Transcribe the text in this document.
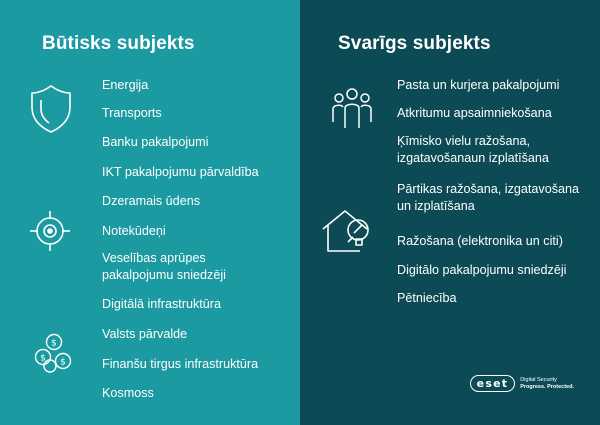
Būtisks subjekts
$
$ $

Energija

Transports

Banku pakalpojumi

IKT pakalpojumu pārvaldība

Dzeramais ūdens

Notekūdeņi

Veselības aprūpes pakalpojumu sniedzēji

Digitālā infrastruktūra

Valsts pārvalde

Finanšu tirgus infrastruktūra

Kosmoss

Svarīgs subjekts

Pasta un kurjera pakalpojumi

Atkritumu apsaimniekošana

Ķīmisko vielu ražošana, izgatavošanaun izplatīšana

Pārtikas ražošana, izgatavošana un izplatīšana

Ražošana (elektronika un citi)

Digitālo pakalpojumu sniedzēji

Pētniecība

eset	Digital Security
Progress. Protected.
